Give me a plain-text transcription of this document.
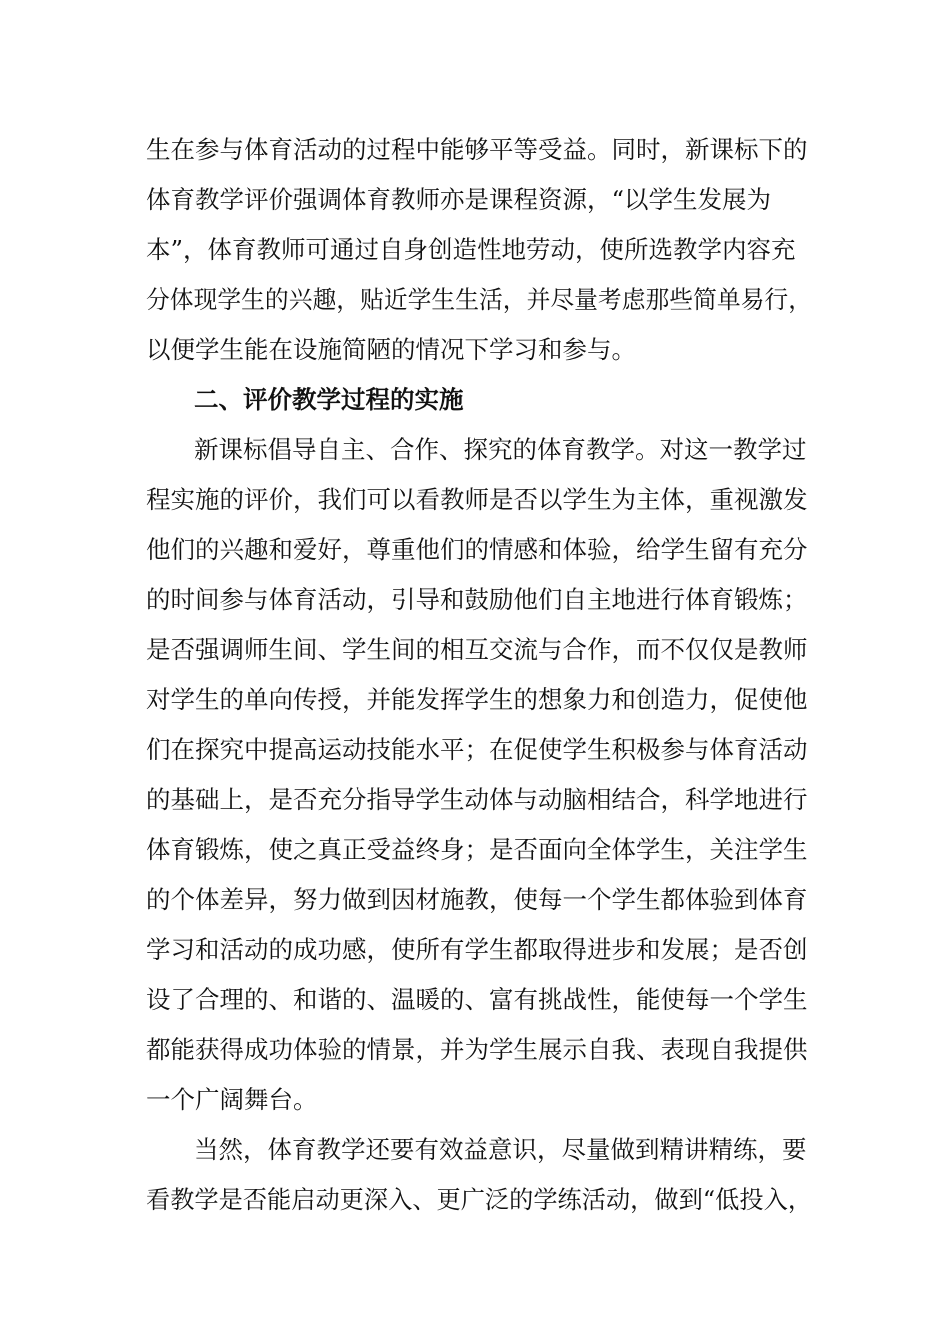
生在参与体育活动的过程中能够平等受益。同时，新课标下的
体育教学评价强调体育教师亦是课程资源，“以学生发展为
本”，体育教师可通过自身创造性地劳动，使所选教学内容充
分体现学生的兴趣，贴近学生生活，并尽量考虑那些简单易行，
以便学生能在设施简陋的情况下学习和参与。
二、评价教学过程的实施
新课标倡导自主、合作、探究的体育教学。对这一教学过
程实施的评价，我们可以看教师是否以学生为主体，重视激发
他们的兴趣和爱好，尊重他们的情感和体验，给学生留有充分
的时间参与体育活动，引导和鼓励他们自主地进行体育锻炼；
是否强调师生间、学生间的相互交流与合作，而不仅仅是教师
对学生的单向传授，并能发挥学生的想象力和创造力，促使他
们在探究中提高运动技能水平；在促使学生积极参与体育活动
的基础上，是否充分指导学生动体与动脑相结合，科学地进行
体育锻炼，使之真正受益终身；是否面向全体学生，关注学生
的个体差异，努力做到因材施教，使每一个学生都体验到体育
学习和活动的成功感，使所有学生都取得进步和发展；是否创
设了合理的、和谐的、温暖的、富有挑战性，能使每一个学生
都能获得成功体验的情景，并为学生展示自我、表现自我提供
一个广阔舞台。
当然，体育教学还要有效益意识，尽量做到精讲精练，要
看教学是否能启动更深入、更广泛的学练活动，做到“低投入，
